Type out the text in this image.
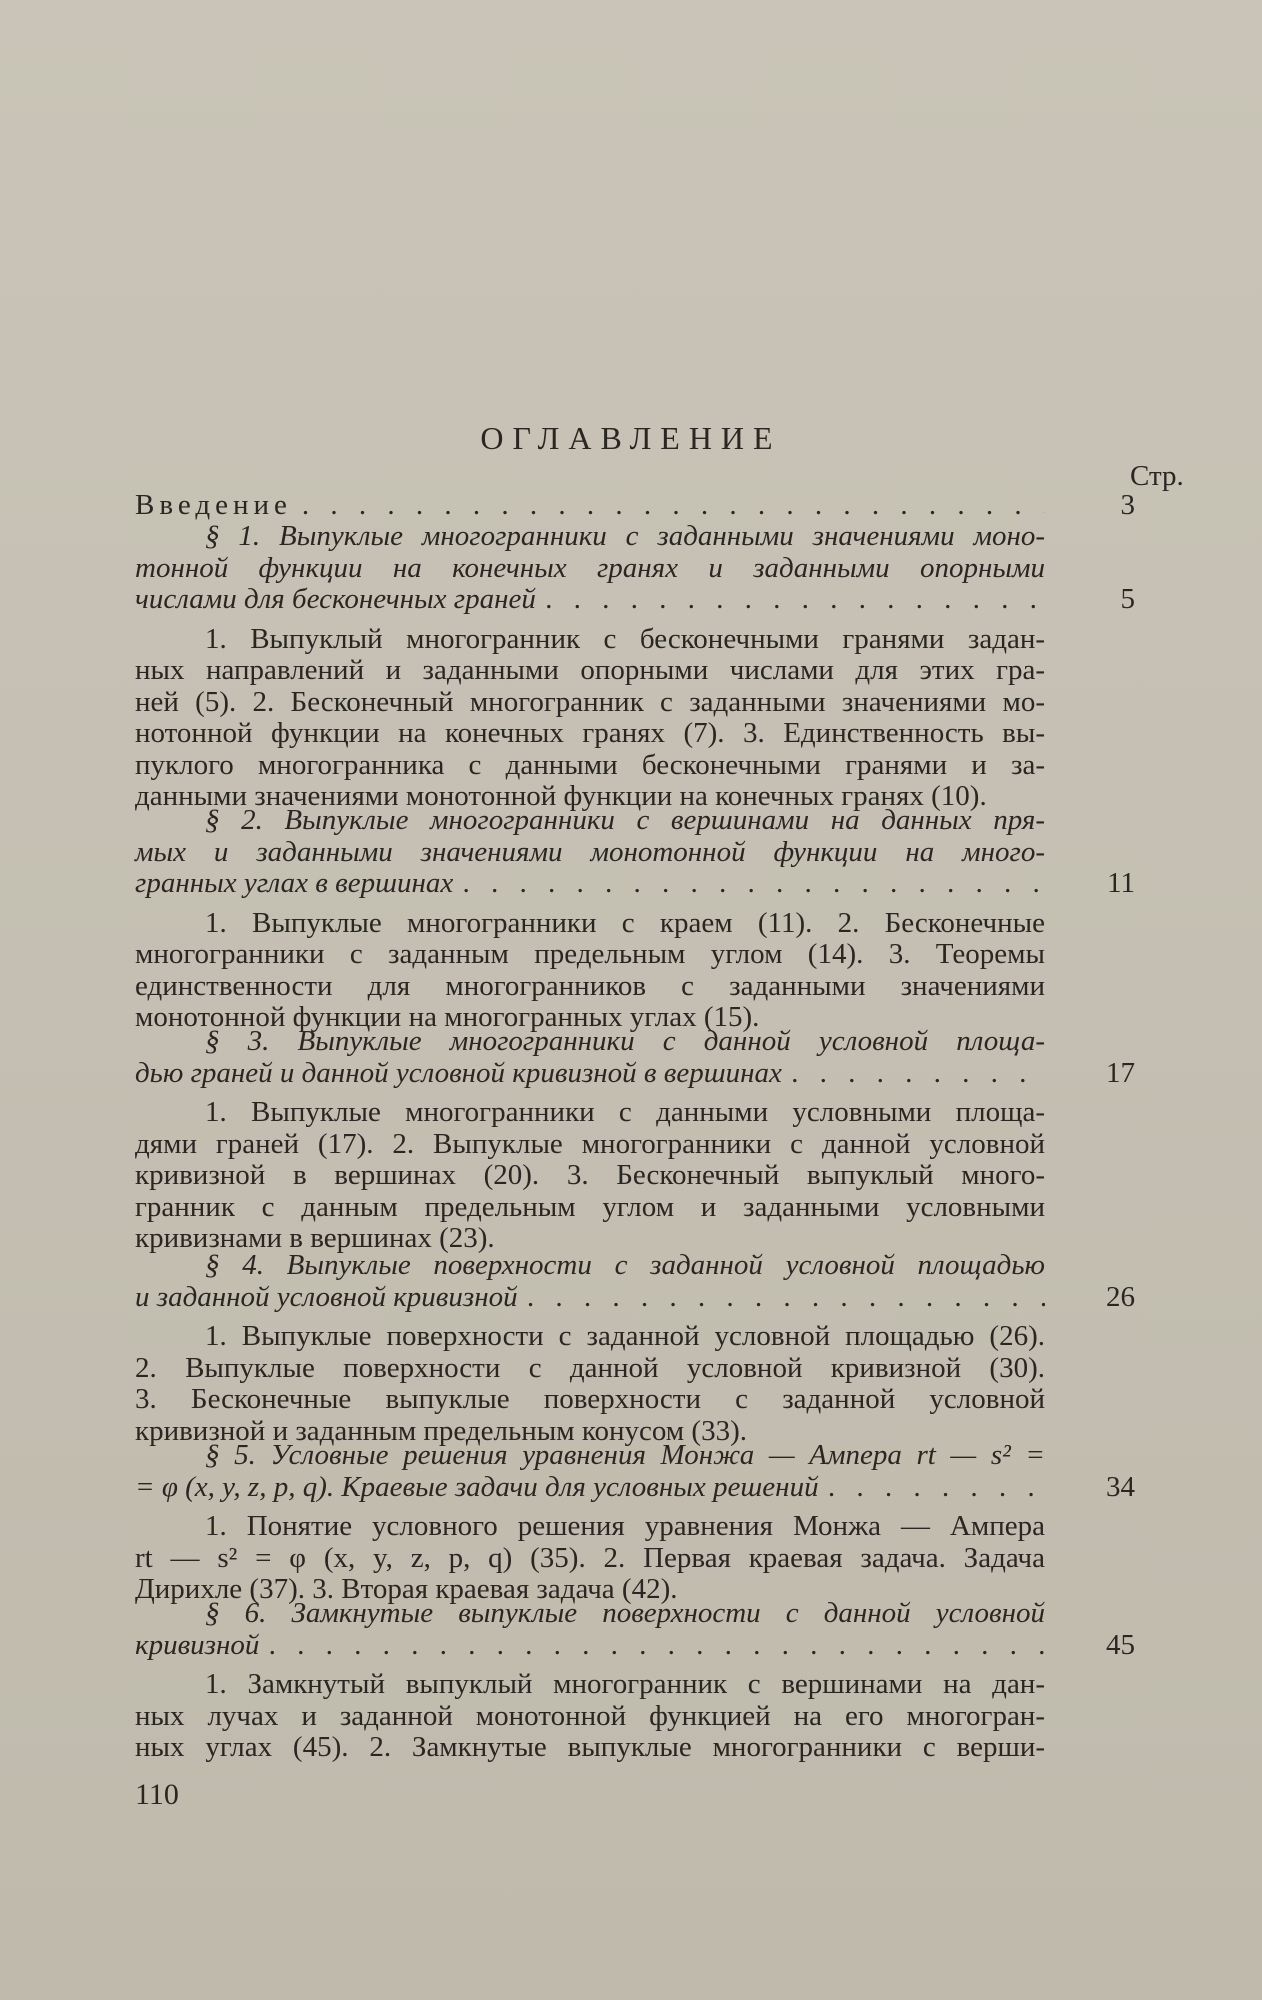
ОГЛАВЛЕНИЕ
Стр.
Введение . . .	3
§ 1. Выпуклые многогранники с заданными значениями моно-
тонной функции на конечных гранях и заданными опорными
числами для бесконечных граней . . .	5
1. Выпуклый многогранник с бесконечными гранями задан-
ных направлений и заданными опорными числами для этих гра-
ней (5). 2. Бесконечный многогранник с заданными значениями мо-
нотонной функции на конечных гранях (7). 3. Единственность вы-
пуклого многогранника с данными бесконечными гранями и за-
данными значениями монотонной функции на конечных гранях (10).
§ 2. Выпуклые многогранники с вершинами на данных пря-
мых и заданными значениями монотонной функции на много-
гранных углах в вершинах . . .	11
1. Выпуклые многогранники с краем (11). 2. Бесконечные
многогранники с заданным предельным углом (14). 3. Теоремы
единственности для многогранников с заданными значениями
монотонной функции на многогранных углах (15).
§ 3. Выпуклые многогранники с данной условной площа-
дью граней и данной условной кривизной в вершинах . . .	17
1. Выпуклые многогранники с данными условными площа-
дями граней (17). 2. Выпуклые многогранники с данной условной
кривизной в вершинах (20). 3. Бесконечный выпуклый много-
гранник с данным предельным углом и заданными условными
кривизнами в вершинах (23).
§ 4. Выпуклые поверхности с заданной условной площадью
и заданной условной кривизной . . .	26
1. Выпуклые поверхности с заданной условной площадью (26).
2. Выпуклые поверхности с данной условной кривизной (30).
3. Бесконечные выпуклые поверхности с заданной условной
кривизной и заданным предельным конусом (33).
§ 5. Условные решения уравнения Монжа — Ампера rt — s² =
= φ (x, y, z, p, q). Краевые задачи для условных решений . . .	34
1. Понятие условного решения уравнения Монжа — Ампера
rt — s² = φ (x, y, z, p, q) (35). 2. Первая краевая задача. Задача
Дирихле (37). 3. Вторая краевая задача (42).
§ 6. Замкнутые выпуклые поверхности с данной условной
кривизной . . .	45
1. Замкнутый выпуклый многогранник с вершинами на дан-
ных лучах и заданной монотонной функцией на его многогран-
ных углах (45). 2. Замкнутые выпуклые многогранники с верши-
110
